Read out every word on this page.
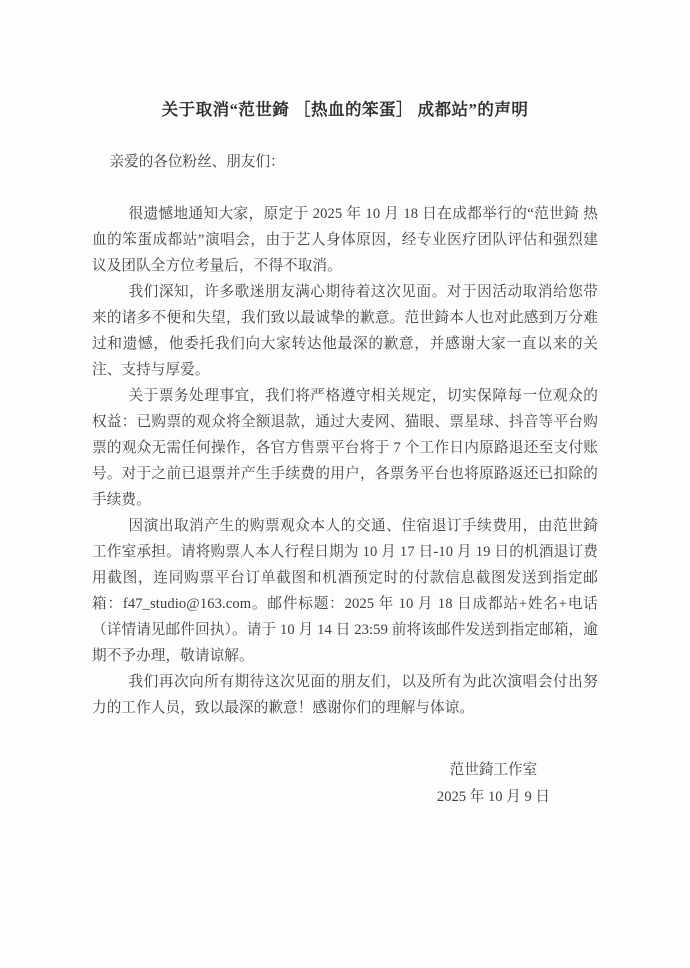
关于取消“范世錡 ［热血的笨蛋］ 成都站”的声明

亲爱的各位粉丝、朋友们：

很遗憾地通知大家，原定于 2025 年 10 月 18 日在成都举行的“范世錡 热血的笨蛋成都站”演唱会，由于艺人身体原因，经专业医疗团队评估和强烈建议及团队全方位考量后，不得不取消。

我们深知，许多歌迷朋友满心期待着这次见面。对于因活动取消给您带来的诸多不便和失望，我们致以最诚挚的歉意。范世錡本人也对此感到万分难过和遗憾，他委托我们向大家转达他最深的歉意，并感谢大家一直以来的关注、支持与厚爱。

关于票务处理事宜，我们将严格遵守相关规定，切实保障每一位观众的权益：已购票的观众将全额退款，通过大麦网、猫眼、票星球、抖音等平台购票的观众无需任何操作，各官方售票平台将于 7 个工作日内原路退还至支付账号。对于之前已退票并产生手续费的用户，各票务平台也将原路返还已扣除的手续费。

因演出取消产生的购票观众本人的交通、住宿退订手续费用，由范世錡工作室承担。请将购票人本人行程日期为 10 月 17 日-10 月 19 日的机酒退订费用截图，连同购票平台订单截图和机酒预定时的付款信息截图发送到指定邮箱：f47_studio@163.com。邮件标题：2025 年 10 月 18 日成都站+姓名+电话（详情请见邮件回执）。请于 10 月 14 日 23:59 前将该邮件发送到指定邮箱，逾期不予办理，敬请谅解。

我们再次向所有期待这次见面的朋友们，以及所有为此次演唱会付出努力的工作人员，致以最深的歉意！感谢你们的理解与体谅。

范世錡工作室
2025 年 10 月 9 日
